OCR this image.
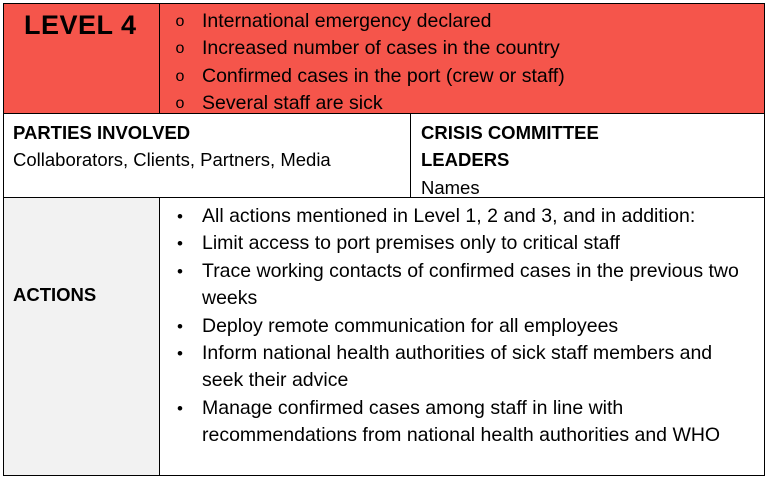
LEVEL 4	o International emergency declared
o Increased number of cases in the country
o Confirmed cases in the port (crew or staff)
o Several staff are sick
PARTIES INVOLVED
Collaborators, Clients, Partners, Media
CRISIS COMMITTEE LEADERS
Names
ACTIONS
• All actions mentioned in Level 1, 2 and 3, and in addition:
• Limit access to port premises only to critical staff
• Trace working contacts of confirmed cases in the previous two weeks
• Deploy remote communication for all employees
• Inform national health authorities of sick staff members and seek their advice
• Manage confirmed cases among staff in line with recommendations from national health authorities and WHO
